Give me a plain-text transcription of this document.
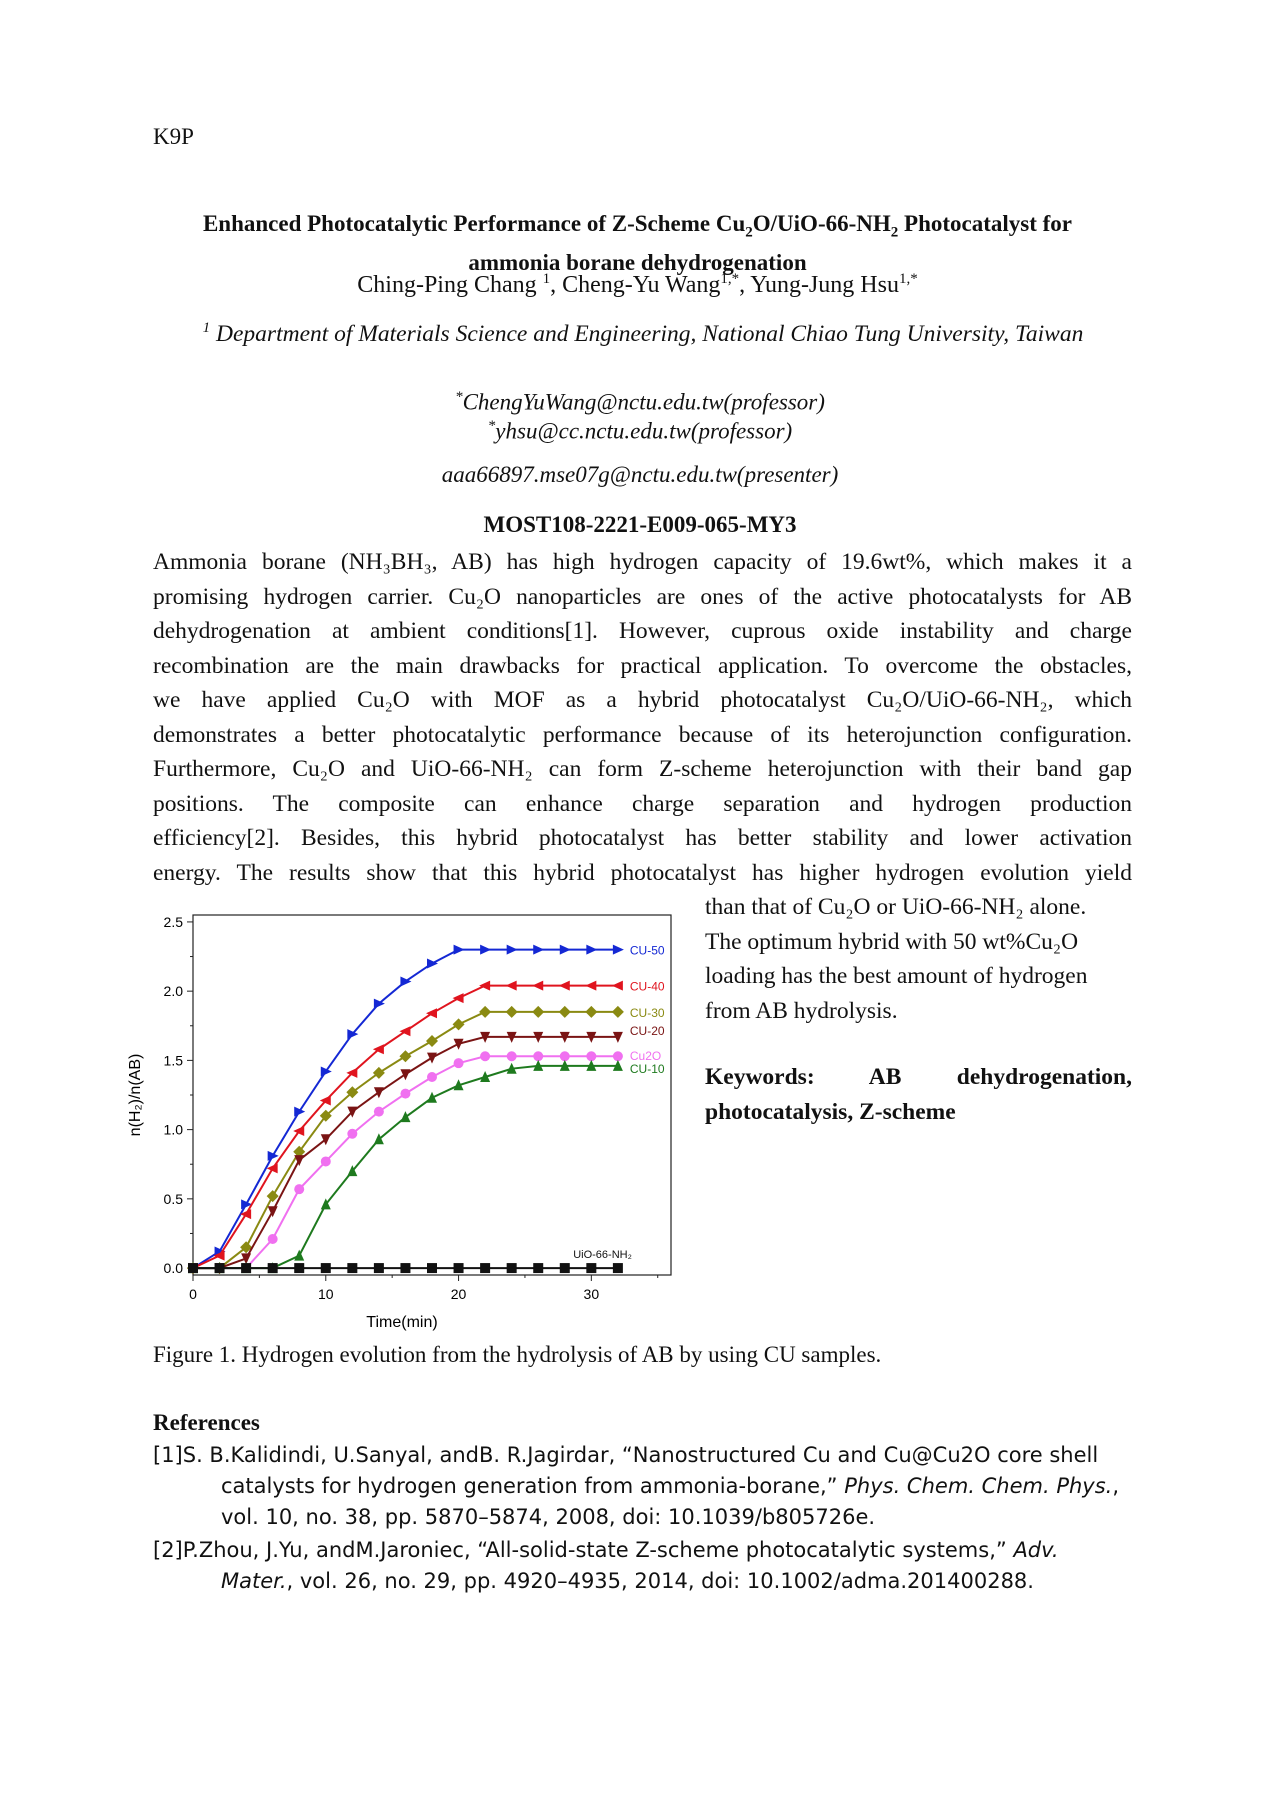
K9P
Enhanced Photocatalytic Performance of Z-Scheme $Cu_2O/UiO-66-NH_2$ Photocatalyst for
ammonia borane dehydrogenation
Ching-Ping Chang $^1$, Cheng-Yu Wang$^{1,*}$, Yung-Jung Hsu$^{1,*}$
$^1$ Department of Materials Science and Engineering, National Chiao Tung University, Taiwan
*ChengYuWang@nctu.edu.tw(professor)
*yhsu@cc.nctu.edu.tw(professor)
aaa66897.mse07g@nctu.edu.tw(presenter)
MOST108-2221-E009-065-MY3
Ammonia borane (NH₃BH₃, AB) has high hydrogen capacity of 19.6wt%, which makes it a
promising hydrogen carrier. Cu₂O nanoparticles are ones of the active photocatalysts for AB
dehydrogenation at ambient conditions[1]. However, cuprous oxide instability and charge
recombination are the main drawbacks for practical application. To overcome the obstacles,
we have applied Cu₂O with MOF as a hybrid photocatalyst Cu₂O/UiO-66-NH₂, which
demonstrates a better photocatalytic performance because of its heterojunction configuration.
Furthermore, Cu₂O and UiO-66-NH₂ can form Z-scheme heterojunction with their band gap
positions. The composite can enhance charge separation and hydrogen production
efficiency[2]. Besides, this hybrid photocatalyst has better stability and lower activation
energy. The results show that this hybrid photocatalyst has higher hydrogen evolution yield
than that of Cu₂O or UiO-66-NH₂ alone.
The optimum hybrid with 50 wt%Cu₂O
loading has the best amount of hydrogen
from AB hydrolysis.
Keywords: AB dehydrogenation,
photocatalysis, Z-scheme
0	10	20	30
0.0
0.5
1.0
1.5
2.0
2.5
Time(min)
n(H₂)/n(AB)
CU-50
CU-40
CU-30
CU-20
Cu2O
CU-10
UiO-66-NH₂
Figure 1. Hydrogen evolution from the hydrolysis of AB by using CU samples.
References
[1]S. B.Kalidindi, U.Sanyal, andB. R.Jagirdar, “Nanostructured Cu and Cu@Cu2O core shell catalysts for hydrogen generation from ammonia-borane,” Phys. Chem. Chem. Phys., vol. 10, no. 38, pp. 5870–5874, 2008, doi: 10.1039/b805726e.
[2]P.Zhou, J.Yu, andM.Jaroniec, “All-solid-state Z-scheme photocatalytic systems,” Adv. Mater., vol. 26, no. 29, pp. 4920–4935, 2014, doi: 10.1002/adma.201400288.
